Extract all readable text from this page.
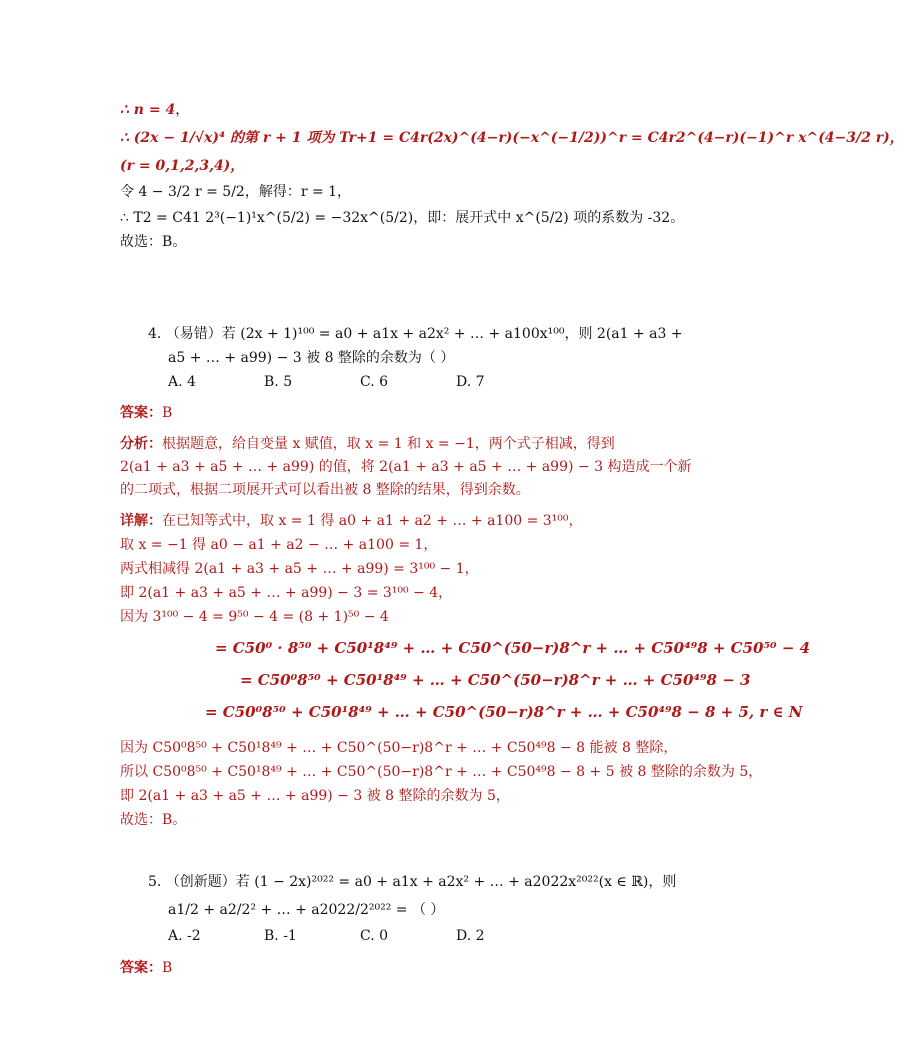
∴ n = 4，
∴ (2x − 1/√x)⁴ 的第 r + 1 项为 Tr+1 = C4r(2x)^(4−r)(−x^(−1/2))^r = C4r2^(4−r)(−1)^r x^(4−3/2 r)，
(r = 0,1,2,3,4)，
令 4 − 3/2 r = 5/2，解得：r = 1，
∴ T2 = C41 2³(−1)¹x^(5/2) = −32x^(5/2)，即：展开式中 x^(5/2) 项的系数为 -32。
故选：B。
4. （易错）若 (2x + 1)¹⁰⁰ = a0 + a1x + a2x² + … + a100x¹⁰⁰，则 2(a1 + a3 +
a5 + … + a99) − 3 被 8 整除的余数为（ ）
A. 4	B. 5	C. 6	D. 7
答案：B
分析：根据题意，给自变量 x 赋值，取 x = 1 和 x = −1，两个式子相减，得到
2(a1 + a3 + a5 + … + a99) 的值，将 2(a1 + a3 + a5 + … + a99) − 3 构造成一个新
的二项式，根据二项展开式可以看出被 8 整除的结果，得到余数。
详解：在已知等式中，取 x = 1 得 a0 + a1 + a2 + … + a100 = 3¹⁰⁰，
取 x = −1 得 a0 − a1 + a2 − … + a100 = 1，
两式相减得 2(a1 + a3 + a5 + … + a99) = 3¹⁰⁰ − 1，
即 2(a1 + a3 + a5 + … + a99) − 3 = 3¹⁰⁰ − 4，
因为 3¹⁰⁰ − 4 = 9⁵⁰ − 4 = (8 + 1)⁵⁰ − 4
= C50⁰ · 8⁵⁰ + C50¹8⁴⁹ + … + C50^(50−r)8^r + … + C50⁴⁹8 + C50⁵⁰ − 4
= C50⁰8⁵⁰ + C50¹8⁴⁹ + … + C50^(50−r)8^r + … + C50⁴⁹8 − 3
= C50⁰8⁵⁰ + C50¹8⁴⁹ + … + C50^(50−r)8^r + … + C50⁴⁹8 − 8 + 5, r ∈ N
因为 C50⁰8⁵⁰ + C50¹8⁴⁹ + … + C50^(50−r)8^r + … + C50⁴⁹8 − 8 能被 8 整除，
所以 C50⁰8⁵⁰ + C50¹8⁴⁹ + … + C50^(50−r)8^r + … + C50⁴⁹8 − 8 + 5 被 8 整除的余数为 5，
即 2(a1 + a3 + a5 + … + a99) − 3 被 8 整除的余数为 5，
故选：B。
5. （创新题）若 (1 − 2x)²⁰²² = a0 + a1x + a2x² + … + a2022x²⁰²²(x ∈ ℝ)，则
a1/2 + a2/2² + … + a2022/2²⁰²² = （ ）
A. -2	B. -1	C. 0	D. 2
答案：B
